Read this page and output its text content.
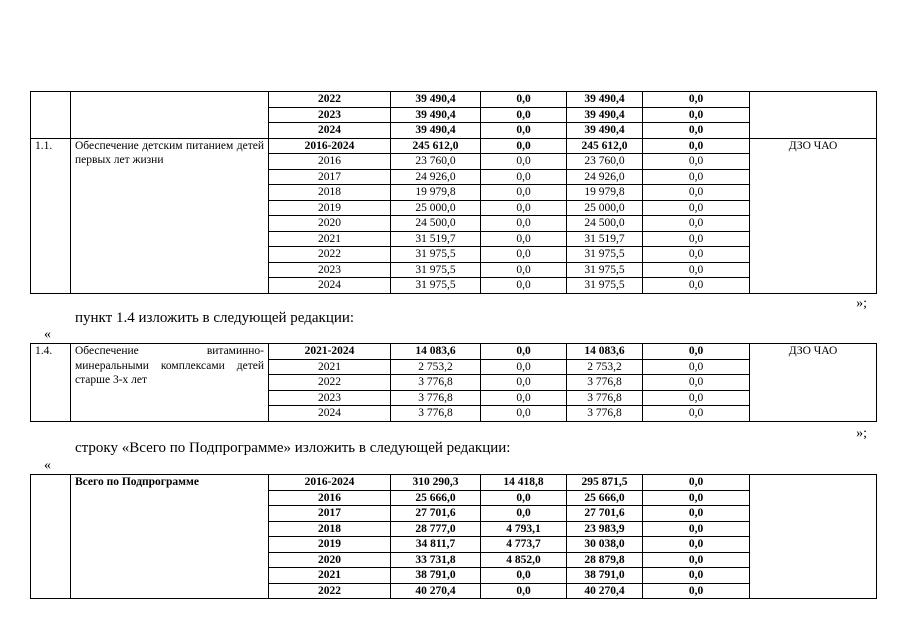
		2022	39 490,4	0,0	39 490,4	0,0	
		2023	39 490,4	0,0	39 490,4	0,0	
		2024	39 490,4	0,0	39 490,4	0,0	
1.1.	Обеспечение детским питанием детей первых лет жизни	2016-2024	245 612,0	0,0	245 612,0	0,0	ДЗО ЧАО
		2016	23 760,0	0,0	23 760,0	0,0	
		2017	24 926,0	0,0	24 926,0	0,0	
		2018	19 979,8	0,0	19 979,8	0,0	
		2019	25 000,0	0,0	25 000,0	0,0	
		2020	24 500,0	0,0	24 500,0	0,0	
		2021	31 519,7	0,0	31 519,7	0,0	
		2022	31 975,5	0,0	31 975,5	0,0	
		2023	31 975,5	0,0	31 975,5	0,0	
		2024	31 975,5	0,0	31 975,5	0,0	
»;
пункт 1.4 изложить в следующей редакции:
«
1.4.	Обеспечение витаминно-минеральными комплексами детей старше 3-х лет	2021-2024	14 083,6	0,0	14 083,6	0,0	ДЗО ЧАО
		2021	2 753,2	0,0	2 753,2	0,0	
		2022	3 776,8	0,0	3 776,8	0,0	
		2023	3 776,8	0,0	3 776,8	0,0	
		2024	3 776,8	0,0	3 776,8	0,0	
»;
строку «Всего по Подпрограмме» изложить в следующей редакции:
«
	Всего по Подпрограмме	2016-2024	310 290,3	14 418,8	295 871,5	0,0	
		2016	25 666,0	0,0	25 666,0	0,0	
		2017	27 701,6	0,0	27 701,6	0,0	
		2018	28 777,0	4 793,1	23 983,9	0,0	
		2019	34 811,7	4 773,7	30 038,0	0,0	
		2020	33 731,8	4 852,0	28 879,8	0,0	
		2021	38 791,0	0,0	38 791,0	0,0	
		2022	40 270,4	0,0	40 270,4	0,0	
